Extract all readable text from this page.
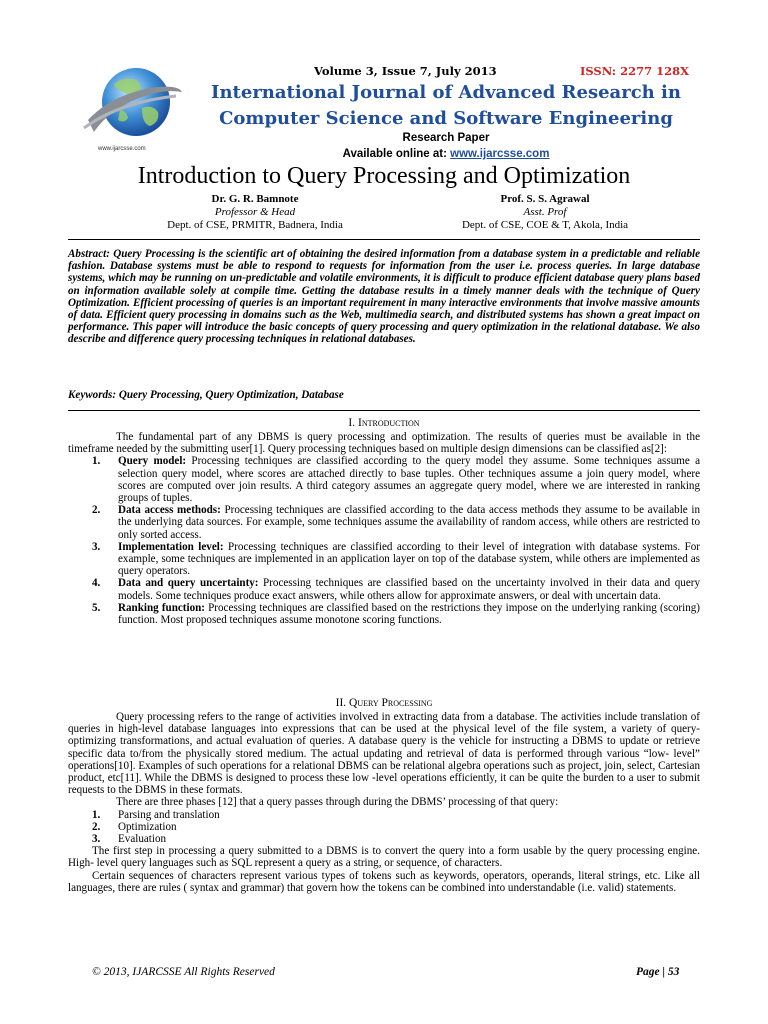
www.ijarcsse.com
Volume 3, Issue 7, July 2013	ISSN: 2277 128X
International Journal of Advanced Research in
Computer Science and Software Engineering
Research Paper
Available online at: www.ijarcsse.com
Introduction to Query Processing and Optimization
Dr. G. R. Bamnote
Professor & Head
Dept. of CSE, PRMITR, Badnera, India
Prof. S. S. Agrawal
Asst. Prof
Dept. of CSE, COE & T, Akola, India
Abstract: Query Processing is the scientific art of obtaining the desired information from a database system in a predictable and reliable fashion. Database systems must be able to respond to requests for information from the user i.e. process queries. In large database systems, which may be running on un-predictable and volatile environments, it is difficult to produce efficient database query plans based on information available solely at compile time. Getting the database results in a timely manner deals with the technique of Query Optimization. Efficient processing of queries is an important requirement in many interactive environments that involve massive amounts of data. Efficient query processing in domains such as the Web, multimedia search, and distributed systems has shown a great impact on performance. This paper will introduce the basic concepts of query processing and query optimization in the relational database. We also describe and difference query processing techniques in relational databases.
Keywords: Query Processing, Query Optimization, Database
I. Introduction
The fundamental part of any DBMS is query processing and optimization. The results of queries must be available in the timeframe needed by the submitting user[1]. Query processing techniques based on multiple design dimensions can be classified as[2]:
1. Query model: Processing techniques are classified according to the query model they assume. Some techniques assume a selection query model, where scores are attached directly to base tuples. Other techniques assume a join query model, where scores are computed over join results. A third category assumes an aggregate query model, where we are interested in ranking groups of tuples.
2. Data access methods: Processing techniques are classified according to the data access methods they assume to be available in the underlying data sources. For example, some techniques assume the availability of random access, while others are restricted to only sorted access.
3. Implementation level: Processing techniques are classified according to their level of integration with database systems. For example, some techniques are implemented in an application layer on top of the database system, while others are implemented as query operators.
4. Data and query uncertainty: Processing techniques are classified based on the uncertainty involved in their data and query models. Some techniques produce exact answers, while others allow for approximate answers, or deal with uncertain data.
5. Ranking function: Processing techniques are classified based on the restrictions they impose on the underlying ranking (scoring) function. Most proposed techniques assume monotone scoring functions.
II. Query Processing
Query processing refers to the range of activities involved in extracting data from a database. The activities include translation of queries in high-level database languages into expressions that can be used at the physical level of the file system, a variety of query-optimizing transformations, and actual evaluation of queries. A database query is the vehicle for instructing a DBMS to update or retrieve specific data to/from the physically stored medium. The actual updating and retrieval of data is performed through various “low- level” operations[10]. Examples of such operations for a relational DBMS can be relational algebra operations such as project, join, select, Cartesian product, etc[11]. While the DBMS is designed to process these low -level operations efficiently, it can be quite the burden to a user to submit requests to the DBMS in these formats.
There are three phases [12] that a query passes through during the DBMS’ processing of that query:
1. Parsing and translation
2. Optimization
3. Evaluation
The first step in processing a query submitted to a DBMS is to convert the query into a form usable by the query processing engine. High- level query languages such as SQL represent a query as a string, or sequence, of characters.
Certain sequences of characters represent various types of tokens such as keywords, operators, operands, literal strings, etc. Like all languages, there are rules ( syntax and grammar) that govern how the tokens can be combined into understandable (i.e. valid) statements.
© 2013, IJARCSSE All Rights Reserved	Page | 53
